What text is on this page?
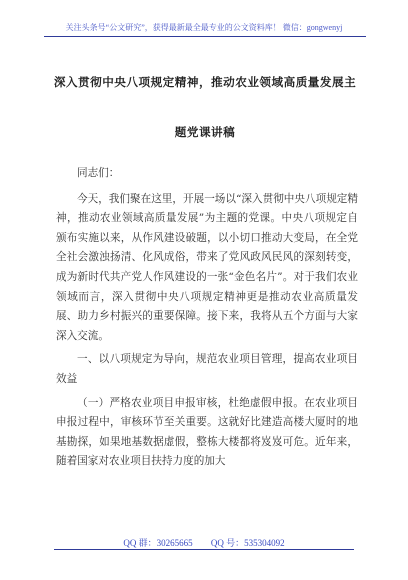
关注头条号“公文研究”，获得最新最全最专业的公文资料库！ 微信：gongwenyj
深入贯彻中央八项规定精神，推动农业领域高质量发展主
题党课讲稿

同志们：

今天，我们聚在这里，开展一场以“深入贯彻中央八项规定精神，推动农业领域高质量发展”为主题的党课。中央八项规定自颁布实施以来，从作风建设破题，以小切口推动大变局，在全党全社会激浊扬清、化风成俗，带来了党风政风民风的深刻转变，成为新时代共产党人作风建设的一张“金色名片”。对于我们农业领域而言，深入贯彻中央八项规定精神更是推动农业高质量发展、助力乡村振兴的重要保障。接下来，我将从五个方面与大家深入交流。

一、以八项规定为导向，规范农业项目管理，提高农业项目效益

（一）严格农业项目申报审核，杜绝虚假申报。在农业项目申报过程中，审核环节至关重要。这就好比建造高楼大厦时的地基勘探，如果地基数据虚假，整栋大楼都将岌岌可危。近年来，随着国家对农业项目扶持力度的加大

QQ 群：30265665 QQ 号：535304092
